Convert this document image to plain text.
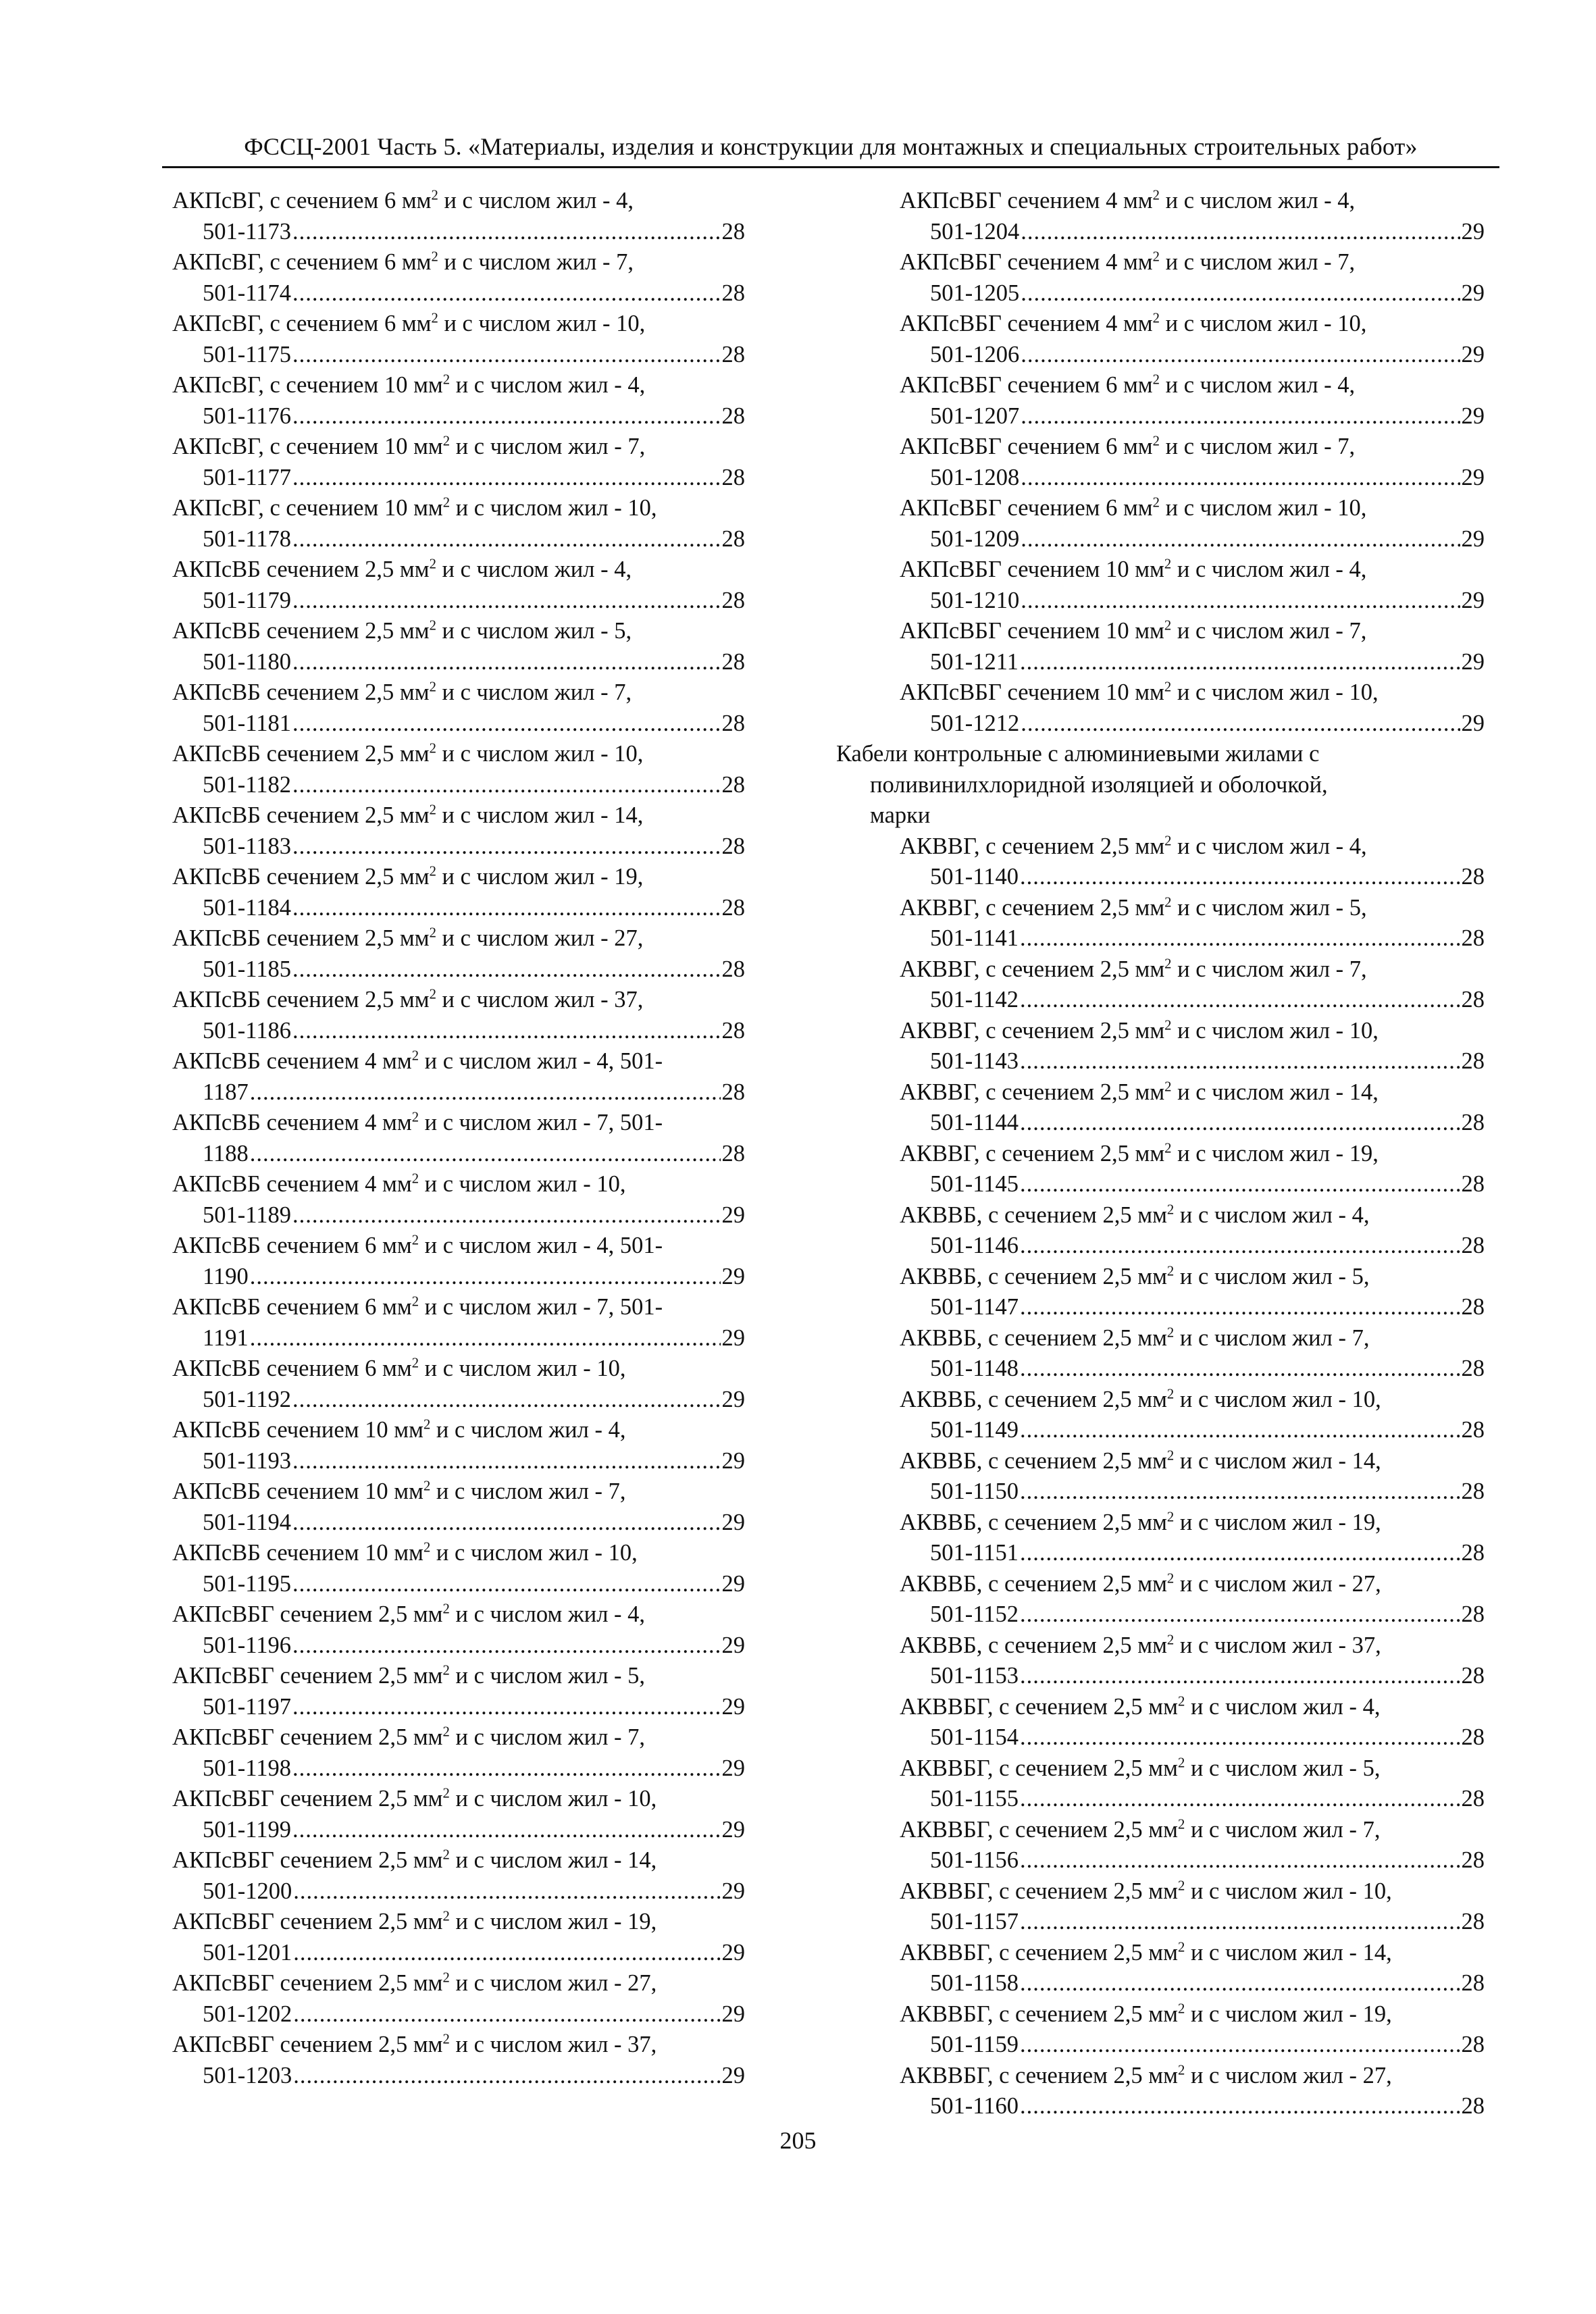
ФССЦ-2001 Часть 5. «Материалы, изделия и конструкции для монтажных и специальных строительных работ»
АКПсВГ, с сечением 6 $мм^2$ и с числом жил - 4,
501-1173 .....	28
АКПсВГ, с сечением 6 $мм^2$ и с числом жил - 7,
501-1174 .....	28
АКПсВГ, с сечением 6 $мм^2$ и с числом жил - 10,
501-1175 .....	28
АКПсВГ, с сечением 10 $мм^2$ и с числом жил - 4,
501-1176 .....	28
АКПсВГ, с сечением 10 $мм^2$ и с числом жил - 7,
501-1177 .....	28
АКПсВГ, с сечением 10 $мм^2$ и с числом жил - 10,
501-1178 .....	28
АКПсВБ сечением 2,5 $мм^2$ и с числом жил - 4,
501-1179 .....	28
АКПсВБ сечением 2,5 $мм^2$ и с числом жил - 5,
501-1180 .....	28
АКПсВБ сечением 2,5 $мм^2$ и с числом жил - 7,
501-1181 .....	28
АКПсВБ сечением 2,5 $мм^2$ и с числом жил - 10,
501-1182 .....	28
АКПсВБ сечением 2,5 $мм^2$ и с числом жил - 14,
501-1183 .....	28
АКПсВБ сечением 2,5 $мм^2$ и с числом жил - 19,
501-1184 .....	28
АКПсВБ сечением 2,5 $мм^2$ и с числом жил - 27,
501-1185 .....	28
АКПсВБ сечением 2,5 $мм^2$ и с числом жил - 37,
501-1186 .....	28
АКПсВБ сечением 4 $мм^2$ и с числом жил - 4, 501-
1187 .....	28
АКПсВБ сечением 4 $мм^2$ и с числом жил - 7, 501-
1188 .....	28
АКПсВБ сечением 4 $мм^2$ и с числом жил - 10,
501-1189 .....	29
АКПсВБ сечением 6 $мм^2$ и с числом жил - 4, 501-
1190 .....	29
АКПсВБ сечением 6 $мм^2$ и с числом жил - 7, 501-
1191 .....	29
АКПсВБ сечением 6 $мм^2$ и с числом жил - 10,
501-1192 .....	29
АКПсВБ сечением 10 $мм^2$ и с числом жил - 4,
501-1193 .....	29
АКПсВБ сечением 10 $мм^2$ и с числом жил - 7,
501-1194 .....	29
АКПсВБ сечением 10 $мм^2$ и с числом жил - 10,
501-1195 .....	29
АКПсВБГ сечением 2,5 $мм^2$ и с числом жил - 4,
501-1196 .....	29
АКПсВБГ сечением 2,5 $мм^2$ и с числом жил - 5,
501-1197 .....	29
АКПсВБГ сечением 2,5 $мм^2$ и с числом жил - 7,
501-1198 .....	29
АКПсВБГ сечением 2,5 $мм^2$ и с числом жил - 10,
501-1199 .....	29
АКПсВБГ сечением 2,5 $мм^2$ и с числом жил - 14,
501-1200 .....	29
АКПсВБГ сечением 2,5 $мм^2$ и с числом жил - 19,
501-1201 .....	29
АКПсВБГ сечением 2,5 $мм^2$ и с числом жил - 27,
501-1202 .....	29
АКПсВБГ сечением 2,5 $мм^2$ и с числом жил - 37,
501-1203 .....	29
АКПсВБГ сечением 4 $мм^2$ и с числом жил - 4,
501-1204 .....	29
АКПсВБГ сечением 4 $мм^2$ и с числом жил - 7,
501-1205 .....	29
АКПсВБГ сечением 4 $мм^2$ и с числом жил - 10,
501-1206 .....	29
АКПсВБГ сечением 6 $мм^2$ и с числом жил - 4,
501-1207 .....	29
АКПсВБГ сечением 6 $мм^2$ и с числом жил - 7,
501-1208 .....	29
АКПсВБГ сечением 6 $мм^2$ и с числом жил - 10,
501-1209 .....	29
АКПсВБГ сечением 10 $мм^2$ и с числом жил - 4,
501-1210 .....	29
АКПсВБГ сечением 10 $мм^2$ и с числом жил - 7,
501-1211 .....	29
АКПсВБГ сечением 10 $мм^2$ и с числом жил - 10,
501-1212 .....	29
Кабели контрольные с алюминиевыми жилами с
поливинилхлоридной изоляцией и оболочкой,
марки
АКВВГ, с сечением 2,5 $мм^2$ и с числом жил - 4,
501-1140 .....	28
АКВВГ, с сечением 2,5 $мм^2$ и с числом жил - 5,
501-1141 .....	28
АКВВГ, с сечением 2,5 $мм^2$ и с числом жил - 7,
501-1142 .....	28
АКВВГ, с сечением 2,5 $мм^2$ и с числом жил - 10,
501-1143 .....	28
АКВВГ, с сечением 2,5 $мм^2$ и с числом жил - 14,
501-1144 .....	28
АКВВГ, с сечением 2,5 $мм^2$ и с числом жил - 19,
501-1145 .....	28
АКВВБ, с сечением 2,5 $мм^2$ и с числом жил - 4,
501-1146 .....	28
АКВВБ, с сечением 2,5 $мм^2$ и с числом жил - 5,
501-1147 .....	28
АКВВБ, с сечением 2,5 $мм^2$ и с числом жил - 7,
501-1148 .....	28
АКВВБ, с сечением 2,5 $мм^2$ и с числом жил - 10,
501-1149 .....	28
АКВВБ, с сечением 2,5 $мм^2$ и с числом жил - 14,
501-1150 .....	28
АКВВБ, с сечением 2,5 $мм^2$ и с числом жил - 19,
501-1151 .....	28
АКВВБ, с сечением 2,5 $мм^2$ и с числом жил - 27,
501-1152 .....	28
АКВВБ, с сечением 2,5 $мм^2$ и с числом жил - 37,
501-1153 .....	28
АКВВБГ, с сечением 2,5 $мм^2$ и с числом жил - 4,
501-1154 .....	28
АКВВБГ, с сечением 2,5 $мм^2$ и с числом жил - 5,
501-1155 .....	28
АКВВБГ, с сечением 2,5 $мм^2$ и с числом жил - 7,
501-1156 .....	28
АКВВБГ, с сечением 2,5 $мм^2$ и с числом жил - 10,
501-1157 .....	28
АКВВБГ, с сечением 2,5 $мм^2$ и с числом жил - 14,
501-1158 .....	28
АКВВБГ, с сечением 2,5 $мм^2$ и с числом жил - 19,
501-1159 .....	28
АКВВБГ, с сечением 2,5 $мм^2$ и с числом жил - 27,
501-1160 .....	28
205
